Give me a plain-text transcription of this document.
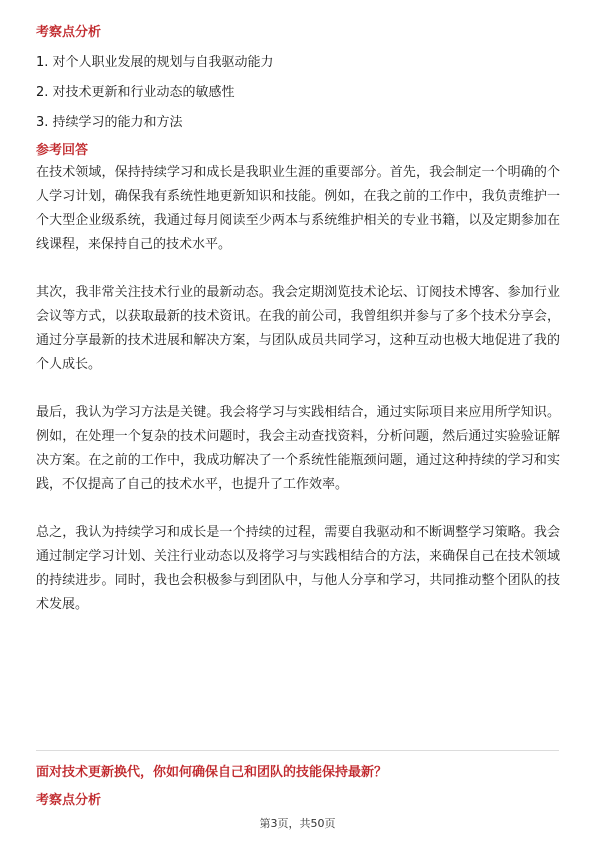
考察点分析

1. 对个人职业发展的规划与自我驱动能力

2. 对技术更新和行业动态的敏感性

3. 持续学习的能力和方法

参考回答

在技术领域，保持持续学习和成长是我职业生涯的重要部分。首先，我会制定一个明确的个人学习计划，确保我有系统性地更新知识和技能。例如，在我之前的工作中，我负责维护一个大型企业级系统，我通过每月阅读至少两本与系统维护相关的专业书籍，以及定期参加在线课程，来保持自己的技术水平。

其次，我非常关注技术行业的最新动态。我会定期浏览技术论坛、订阅技术博客、参加行业会议等方式，以获取最新的技术资讯。在我的前公司，我曾组织并参与了多个技术分享会，通过分享最新的技术进展和解决方案，与团队成员共同学习，这种互动也极大地促进了我的个人成长。

最后，我认为学习方法是关键。我会将学习与实践相结合，通过实际项目来应用所学知识。例如，在处理一个复杂的技术问题时，我会主动查找资料，分析问题，然后通过实验验证解决方案。在之前的工作中，我成功解决了一个系统性能瓶颈问题，通过这种持续的学习和实践，不仅提高了自己的技术水平，也提升了工作效率。

总之，我认为持续学习和成长是一个持续的过程，需要自我驱动和不断调整学习策略。我会通过制定学习计划、关注行业动态以及将学习与实践相结合的方法，来确保自己在技术领域的持续进步。同时，我也会积极参与到团队中，与他人分享和学习，共同推动整个团队的技术发展。

面对技术更新换代，你如何确保自己和团队的技能保持最新？

考察点分析

第3页，共50页
